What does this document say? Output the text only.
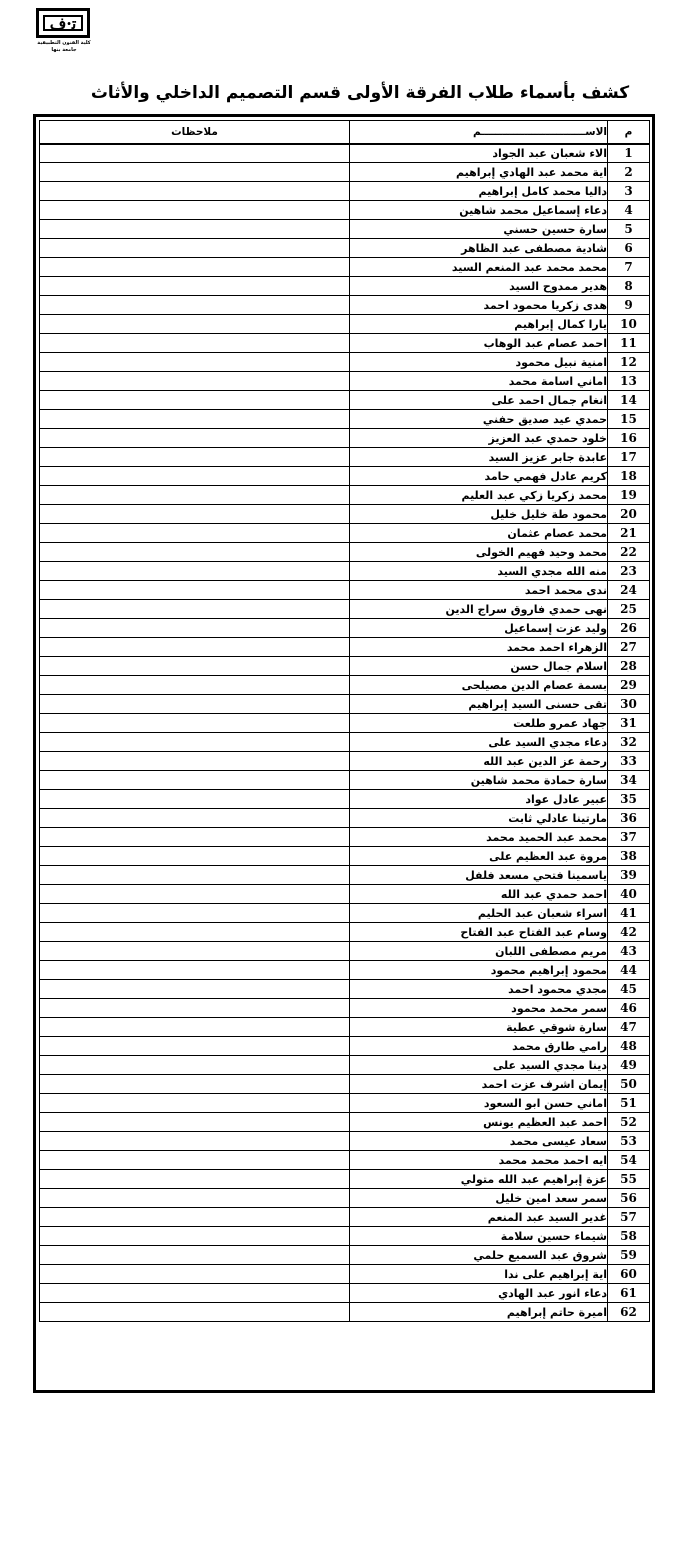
ﺗ·ﻑ
كلية الفنون التطبيقية
جامعة بنها
كشف بأسماء طلاب الفرقة الأولى قسم التصميم الداخلي والأثاث
م	الاســـــــــــــــــــــــــــــم	ملاحظات
1	الاء شعبان عبد الجواد	
2	اية محمد عبد الهادي إبراهيم	
3	داليا محمد كامل إبراهيم	
4	دعاء إسماعيل محمد شاهين	
5	سارة حسين حسني	
6	شادية مصطفى عبد الظاهر	
7	محمد محمد عبد المنعم السيد	
8	هدير ممدوح السيد	
9	هدى زكريا محمود احمد	
10	يارا كمال إبراهيم	
11	احمد عصام عبد الوهاب	
12	امنية نبيل محمود	
13	اماني اسامة محمد	
14	انغام جمال احمد على	
15	حمدي عيد صديق حفني	
16	خلود حمدي عبد العزيز	
17	عابدة جابر عزيز السيد	
18	كريم عادل فهمي حامد	
19	محمد زكريا زكي عبد العليم	
20	محمود طة خليل خليل	
21	محمد عصام عثمان	
22	محمد وحيد فهيم الخولى	
23	منه الله مجدي السيد	
24	ندى محمد احمد	
25	نهى حمدي فاروق سراج الدين	
26	وليد عزت إسماعيل	
27	الزهراء احمد محمد	
28	اسلام جمال حسن	
29	بسمة عصام الدين مصيلحى	
30	تقى حسنى السيد إبراهيم	
31	جهاد عمرو طلعت	
32	دعاء مجدي السيد على	
33	رحمة عز الدين عبد الله	
34	سارة حمادة محمد شاهين	
35	عبير عادل عواد	
36	مارتينا عادلي ثابت	
37	محمد عبد الحميد محمد	
38	مروة عبد العظيم على	
39	ياسمينا فتحي مسعد فلفل	
40	احمد حمدي عبد الله	
41	اسراء شعبان عبد الحليم	
42	وسام عبد الفتاح عبد الفتاح	
43	مريم مصطفى اللبان	
44	محمود إبراهيم محمود	
45	مجدي محمود احمد	
46	سمر محمد محمود	
47	سارة شوقي عطية	
48	رامي طارق محمد	
49	دينا مجدي السيد على	
50	إيمان اشرف عزت احمد	
51	اماني حسن ابو السعود	
52	احمد عبد العظيم يونس	
53	سعاد عيسى محمد	
54	ايه احمد محمد محمد	
55	عزة إبراهيم عبد الله متولي	
56	سمر سعد امين خليل	
57	غدير السيد عبد المنعم	
58	شيماء حسين سلامة	
59	شروق عبد السميع حلمي	
60	اية إبراهيم على ندا	
61	دعاء انور عبد الهادي	
62	اميرة حاتم إبراهيم	
